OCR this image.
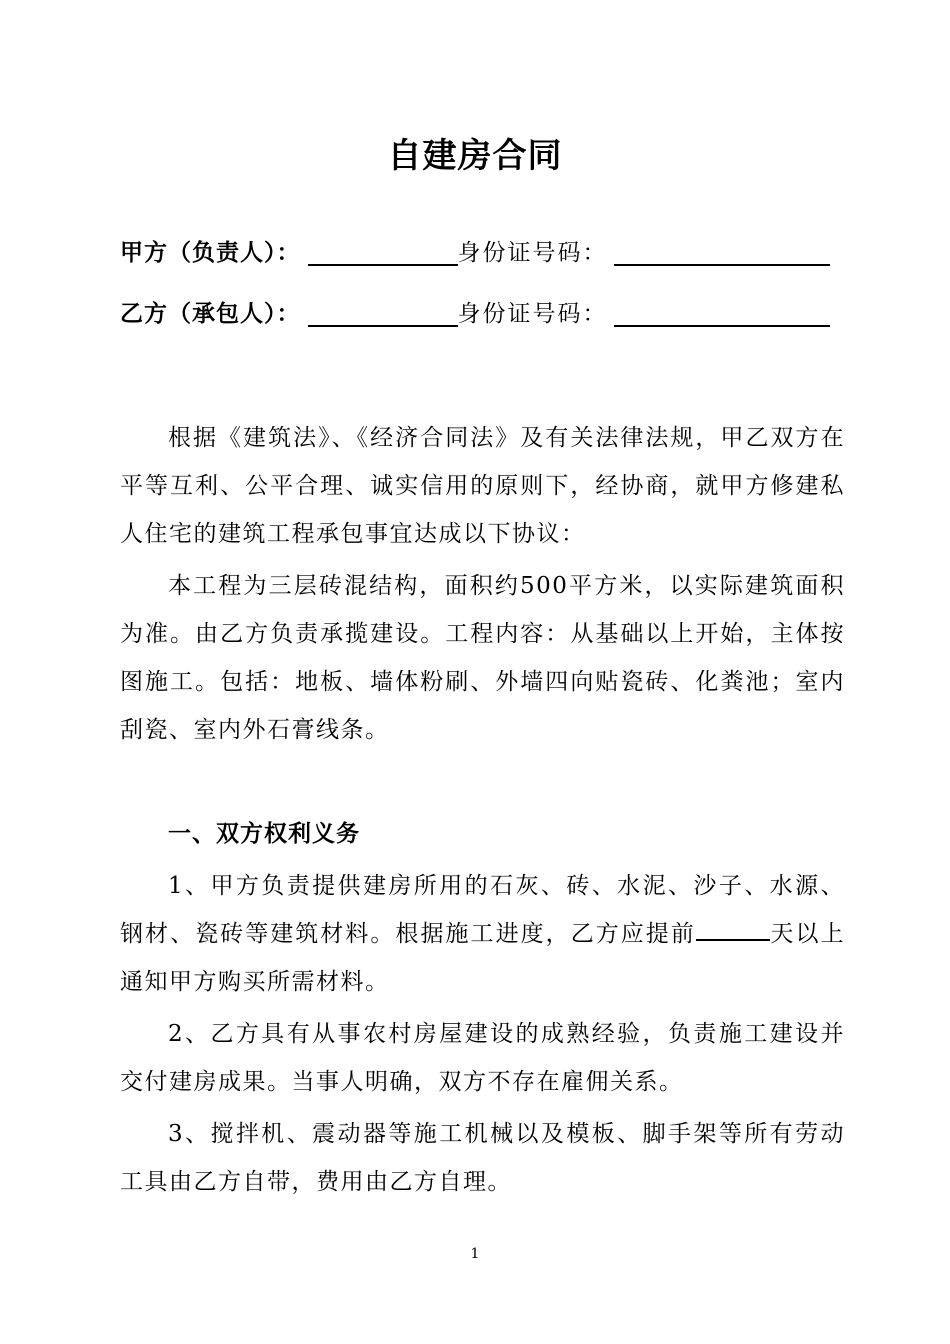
自建房合同
甲方（负责人）：	身份证号码：
乙方（承包人）：	身份证号码：

根据《建筑法》、《经济合同法》及有关法律法规，甲乙双方在平等互利、公平合理、诚实信用的原则下，经协商，就甲方修建私人住宅的建筑工程承包事宜达成以下协议：

本工程为三层砖混结构，面积约500平方米，以实际建筑面积为准。由乙方负责承揽建设。工程内容：从基础以上开始，主体按图施工。包括：地板、墙体粉刷、外墙四向贴瓷砖、化粪池；室内刮瓷、室内外石膏线条。

一、双方权利义务

1、甲方负责提供建房所用的石灰、砖、水泥、沙子、水源、钢材、瓷砖等建筑材料。根据施工进度，乙方应提前	天以上通知甲方购买所需材料。

2、乙方具有从事农村房屋建设的成熟经验，负责施工建设并交付建房成果。当事人明确，双方不存在雇佣关系。

3、搅拌机、震动器等施工机械以及模板、脚手架等所有劳动工具由乙方自带，费用由乙方自理。

1
